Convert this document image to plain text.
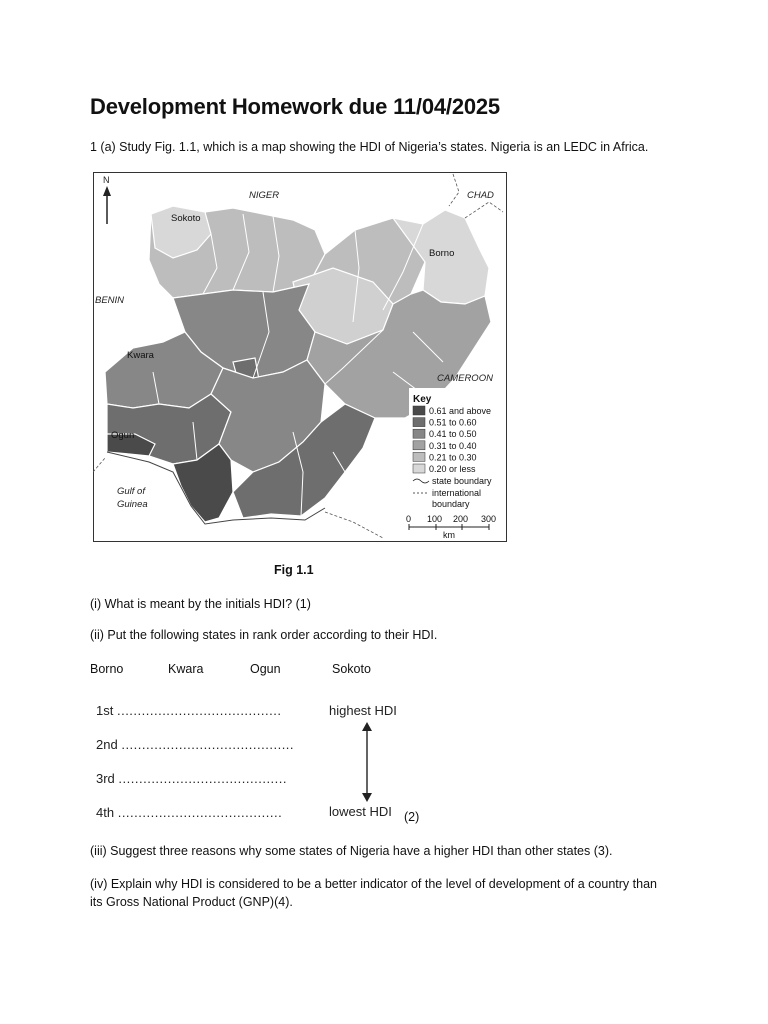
Development Homework due 11/04/2025
1 (a) Study Fig. 1.1, which is a map showing the HDI of Nigeria’s states. Nigeria is an LEDC in Africa.
N
NIGER	CHAD
BENIN
CAMEROON
Gulf of
Guinea
Sokoto
Borno
Kwara
Ogun
Key
0.61 and above
0.51 to 0.60
0.41 to 0.50
0.31 to 0.40
0.21 to 0.30
0.20 or less
state boundary
international
boundary
0 100 200 300
km
Fig 1.1
(i) What is meant by the initials HDI? (1)
(ii) Put the following states in rank order according to their HDI.
Borno	Kwara	Ogun	Sokoto
1st ........................................
2nd ..........................................
3rd .........................................
4th ........................................
highest HDI
lowest HDI (2)
(iii) Suggest three reasons why some states of Nigeria have a higher HDI than other states (3).
(iv) Explain why HDI is considered to be a better indicator of the level of development of a country than
its Gross National Product (GNP)(4).
